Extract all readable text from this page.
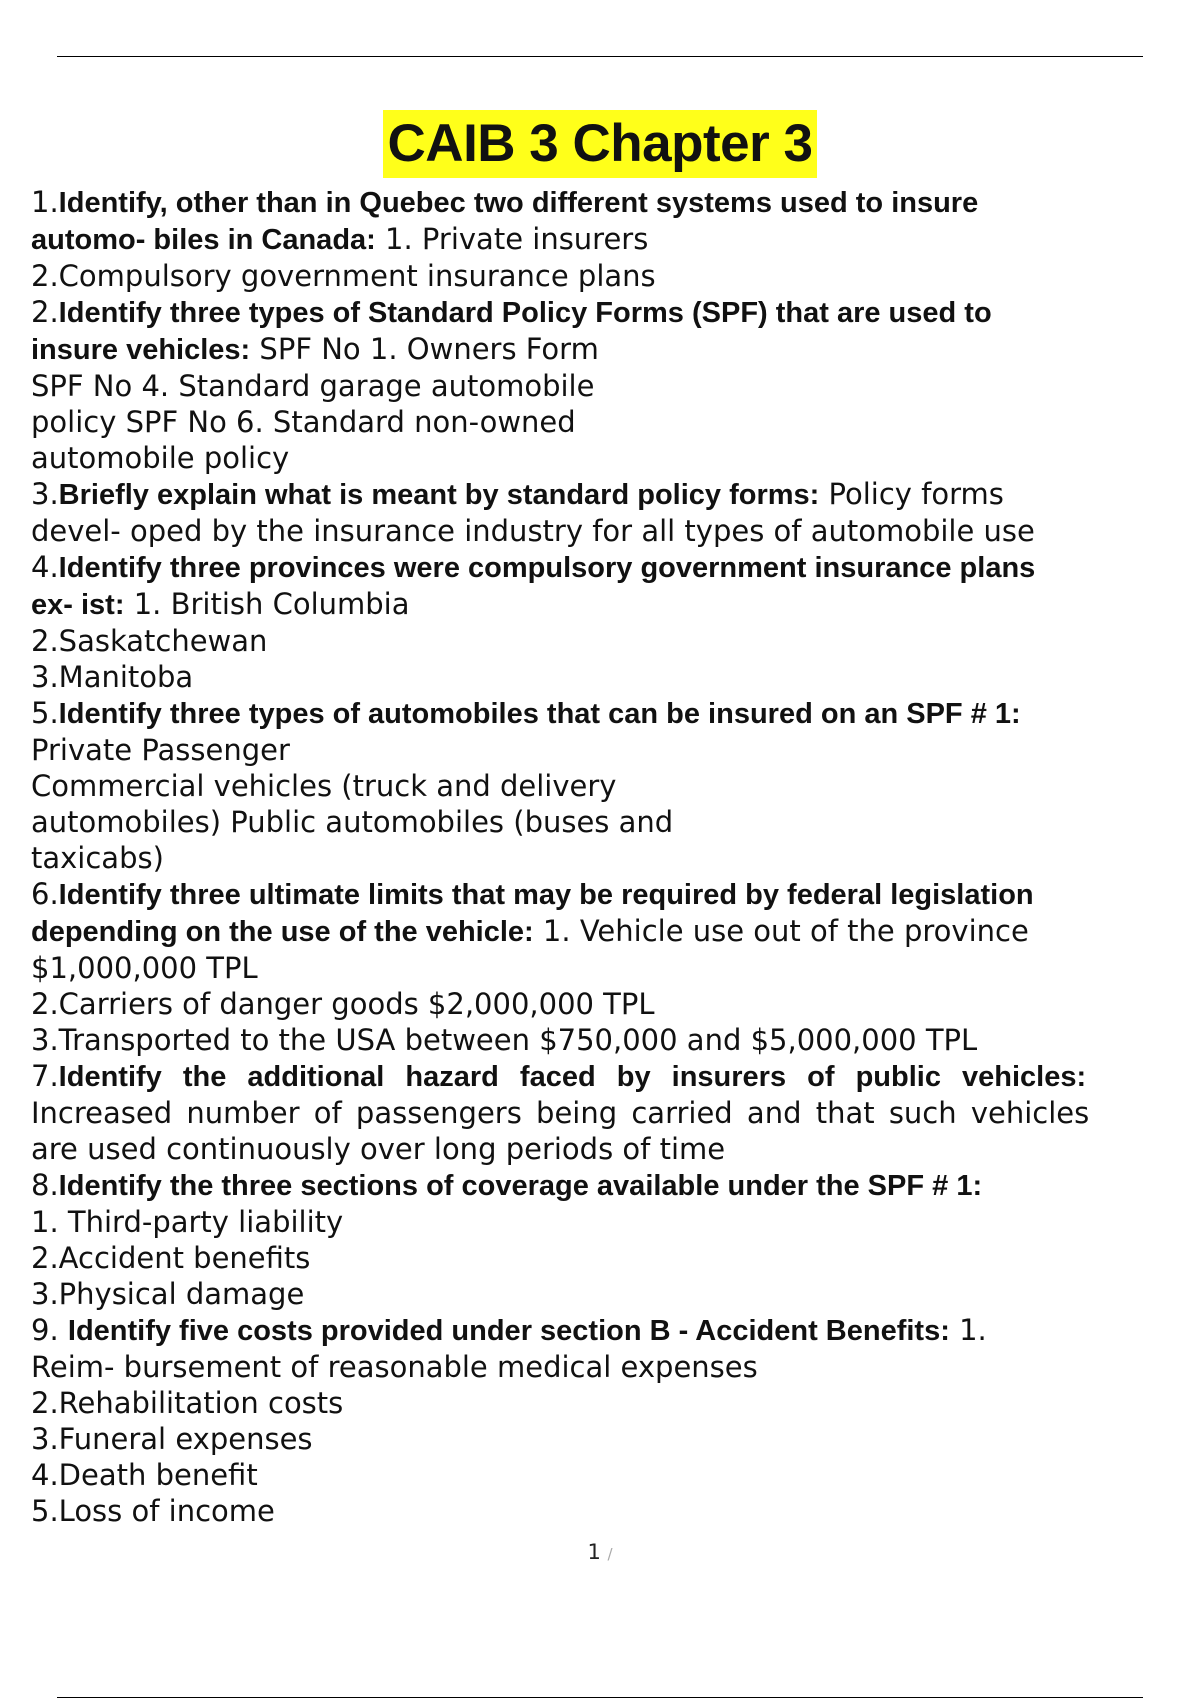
CAIB 3 Chapter 3
1.Identify, other than in Quebec two different systems used to insure
automo- biles in Canada: 1. Private insurers
2.Compulsory government insurance plans
2.Identify three types of Standard Policy Forms (SPF) that are used to
insure vehicles: SPF No 1. Owners Form
SPF No 4. Standard garage automobile
policy SPF No 6. Standard non-owned
automobile policy
3.Briefly explain what is meant by standard policy forms: Policy forms
devel- oped by the insurance industry for all types of automobile use
4.Identify three provinces were compulsory government insurance plans
ex- ist: 1. British Columbia
2.Saskatchewan
3.Manitoba
5.Identify three types of automobiles that can be insured on an SPF # 1:
Private Passenger
Commercial vehicles (truck and delivery
automobiles) Public automobiles (buses and
taxicabs)
6.Identify three ultimate limits that may be required by federal legislation
depending on the use of the vehicle: 1. Vehicle use out of the province
$1,000,000 TPL
2.Carriers of danger goods $2,000,000 TPL
3.Transported to the USA between $750,000 and $5,000,000 TPL
7.Identify the additional hazard faced by insurers of public vehicles:
Increased number of passengers being carried and that such vehicles
are used continuously over long periods of time
8.Identify the three sections of coverage available under the SPF # 1:
1. Third-party liability
2.Accident benefits
3.Physical damage
9. Identify five costs provided under section B - Accident Benefits: 1.
Reim- bursement of reasonable medical expenses
2.Rehabilitation costs
3.Funeral expenses
4.Death benefit
5.Loss of income
1 /
